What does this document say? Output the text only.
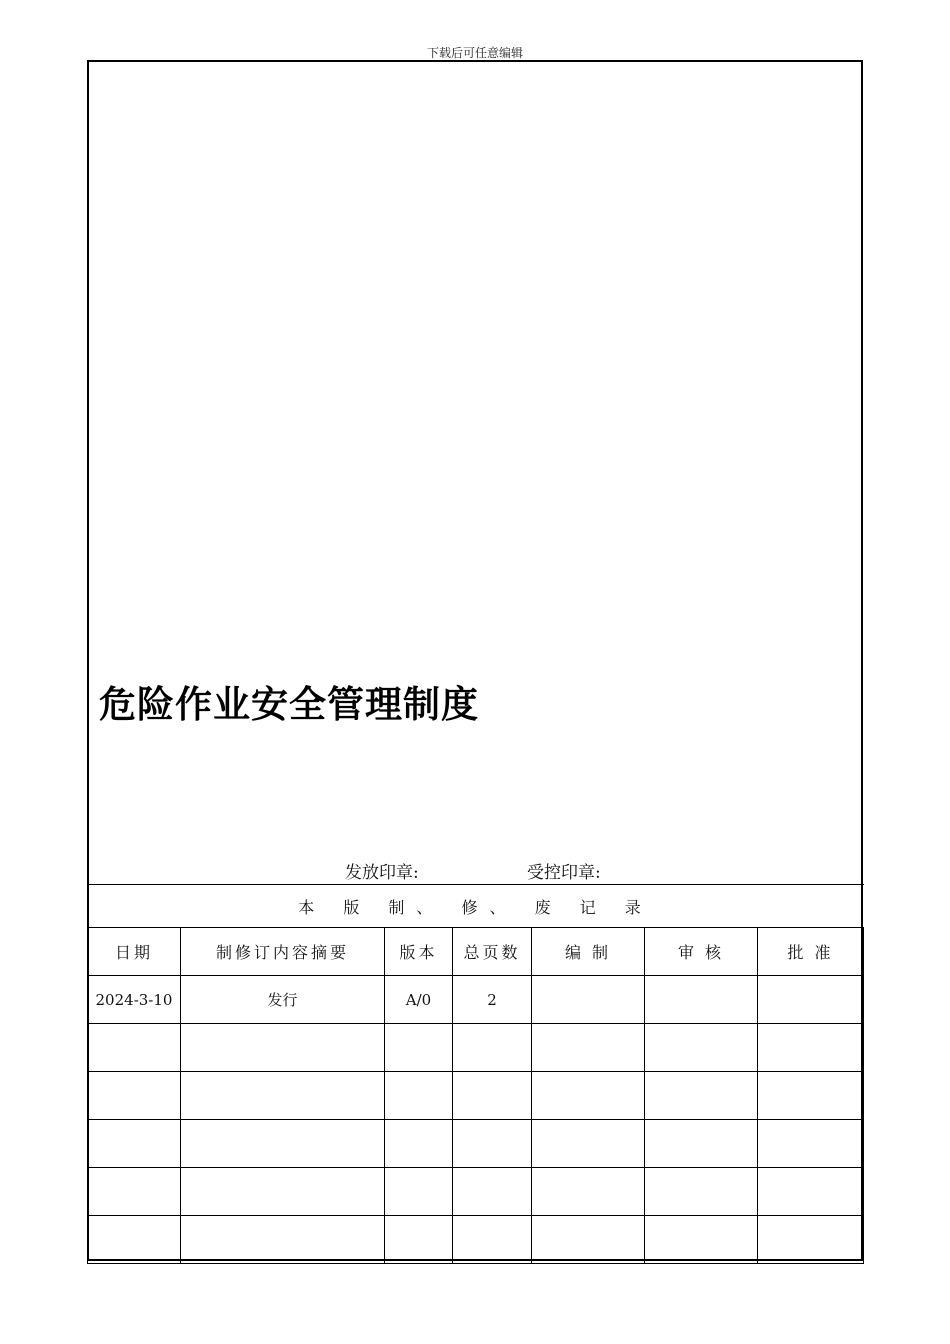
下载后可任意编辑
危险作业安全管理制度
发放印章:	受控印章:
本 版 制、 修、 废 记 录						
日期	制修订内容摘要	版本	总页数	编 制	审 核	批 准
2024-3-10	发行	A/0	2			
